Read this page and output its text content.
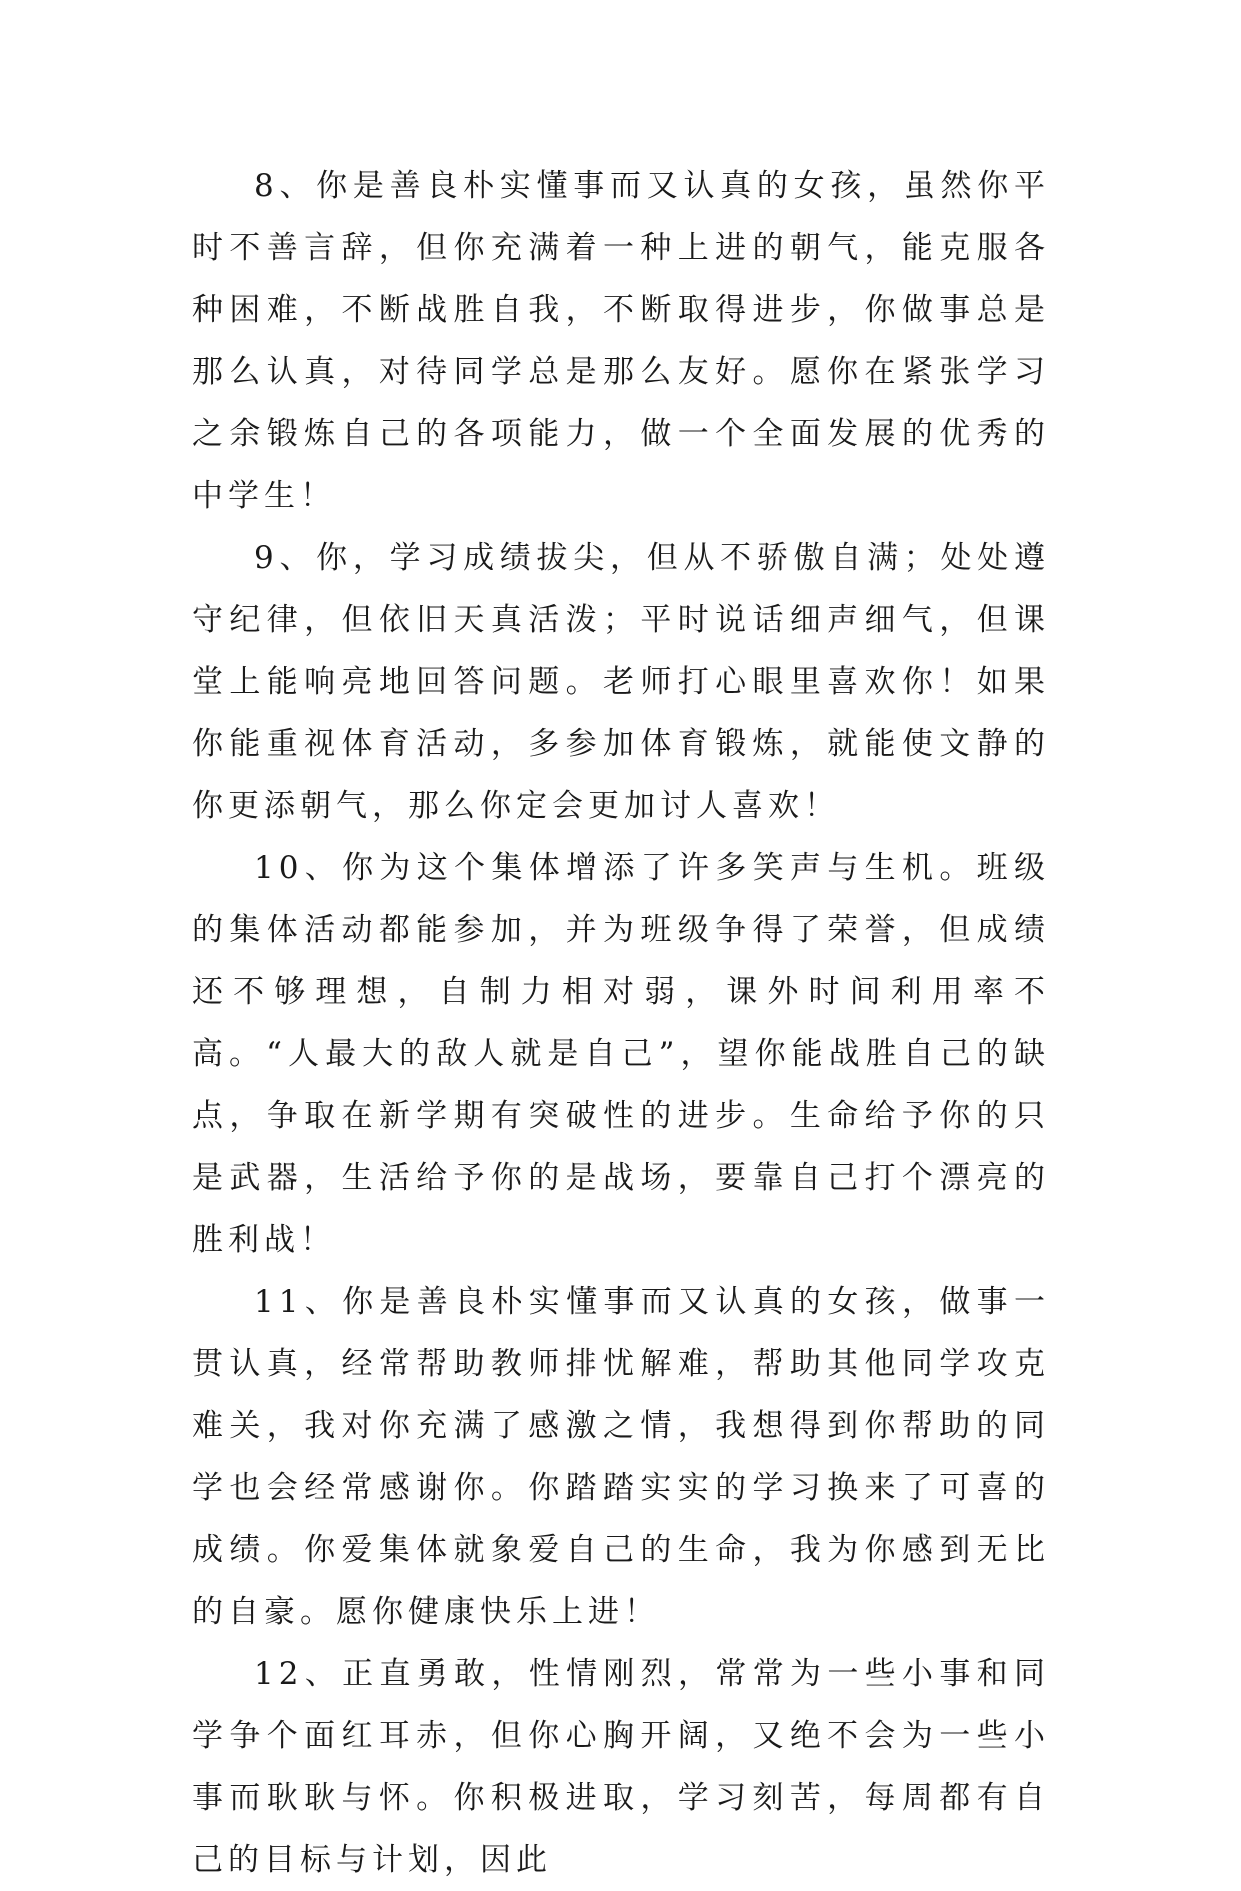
8、你是善良朴实懂事而又认真的女孩，虽然你平时不善言辞，但你充满着一种上进的朝气，能克服各种困难，不断战胜自我，不断取得进步，你做事总是那么认真，对待同学总是那么友好。愿你在紧张学习之余锻炼自己的各项能力，做一个全面发展的优秀的中学生！

9、你，学习成绩拔尖，但从不骄傲自满；处处遵守纪律，但依旧天真活泼；平时说话细声细气，但课堂上能响亮地回答问题。老师打心眼里喜欢你！如果你能重视体育活动，多参加体育锻炼，就能使文静的你更添朝气，那么你定会更加讨人喜欢！

10、你为这个集体增添了许多笑声与生机。班级的集体活动都能参加，并为班级争得了荣誉，但成绩还不够理想，自制力相对弱，课外时间利用率不高。“人最大的敌人就是自己”，望你能战胜自己的缺点，争取在新学期有突破性的进步。生命给予你的只是武器，生活给予你的是战场，要靠自己打个漂亮的胜利战！

11、你是善良朴实懂事而又认真的女孩，做事一贯认真，经常帮助教师排忧解难，帮助其他同学攻克难关，我对你充满了感激之情，我想得到你帮助的同学也会经常感谢你。你踏踏实实的学习换来了可喜的成绩。你爱集体就象爱自己的生命，我为你感到无比的自豪。愿你健康快乐上进！

12、正直勇敢，性情刚烈，常常为一些小事和同学争个面红耳赤，但你心胸开阔，又绝不会为一些小事而耿耿与怀。你积极进取，学习刻苦，每周都有自己的目标与计划，因此
